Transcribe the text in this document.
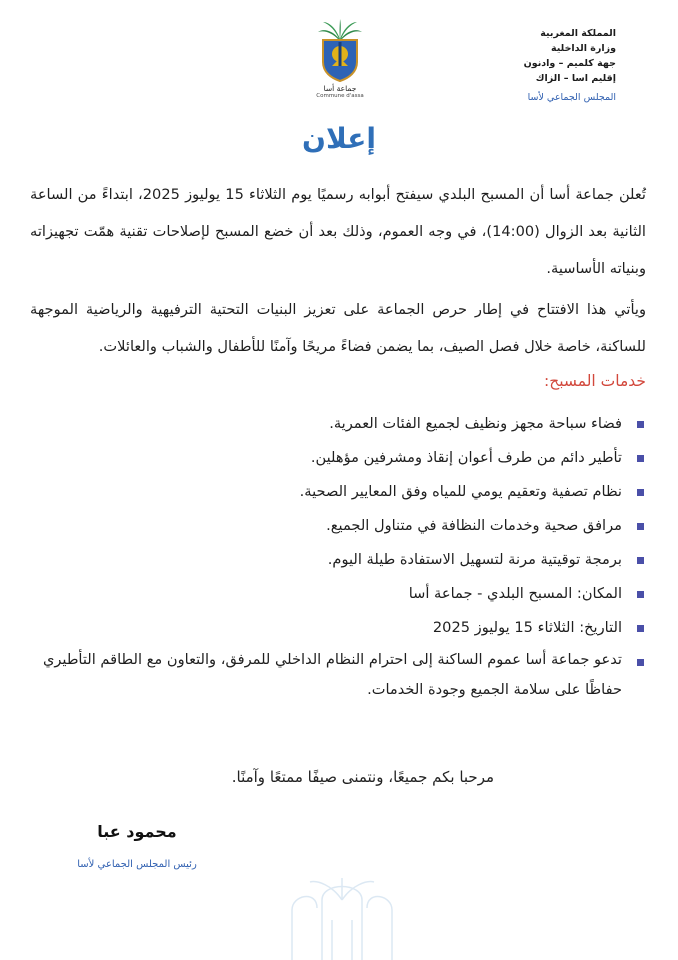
المملكة المغربية
وزارة الداخلية
جهة كلميم – وادنون
إقليم اسا – الزاك
المجلس الجماعي لأسا
جماعة أسا
Commune d'assa
إعلان
تُعلن جماعة أسا أن المسبح البلدي سيفتح أبوابه رسميًا يوم الثلاثاء 15 يوليوز 2025، ابتداءً من الساعة الثانية بعد الزوال (14:00)، في وجه العموم، وذلك بعد أن خضع المسبح لإصلاحات تقنية همّت تجهيزاته وبنياته الأساسية.
ويأتي هذا الافتتاح في إطار حرص الجماعة على تعزيز البنيات التحتية الترفيهية والرياضية الموجهة للساكنة، خاصة خلال فصل الصيف، بما يضمن فضاءً مريحًا وآمنًا للأطفال والشباب والعائلات.
خدمات المسبح:
فضاء سباحة مجهز ونظيف لجميع الفئات العمرية.
تأطير دائم من طرف أعوان إنقاذ ومشرفين مؤهلين.
نظام تصفية وتعقيم يومي للمياه وفق المعايير الصحية.
مرافق صحية وخدمات النظافة في متناول الجميع.
برمجة توقيتية مرنة لتسهيل الاستفادة طيلة اليوم.
المكان: المسبح البلدي - جماعة أسا
التاريخ: الثلاثاء 15 يوليوز 2025
تدعو جماعة أسا عموم الساكنة إلى احترام النظام الداخلي للمرفق، والتعاون مع الطاقم التأطيري حفاظًا على سلامة الجميع وجودة الخدمات.
مرحبا بكم جميعًا، ونتمنى صيفًا ممتعًا وآمنًا.
محمود عبا
رئيس المجلس الجماعي لأسا
